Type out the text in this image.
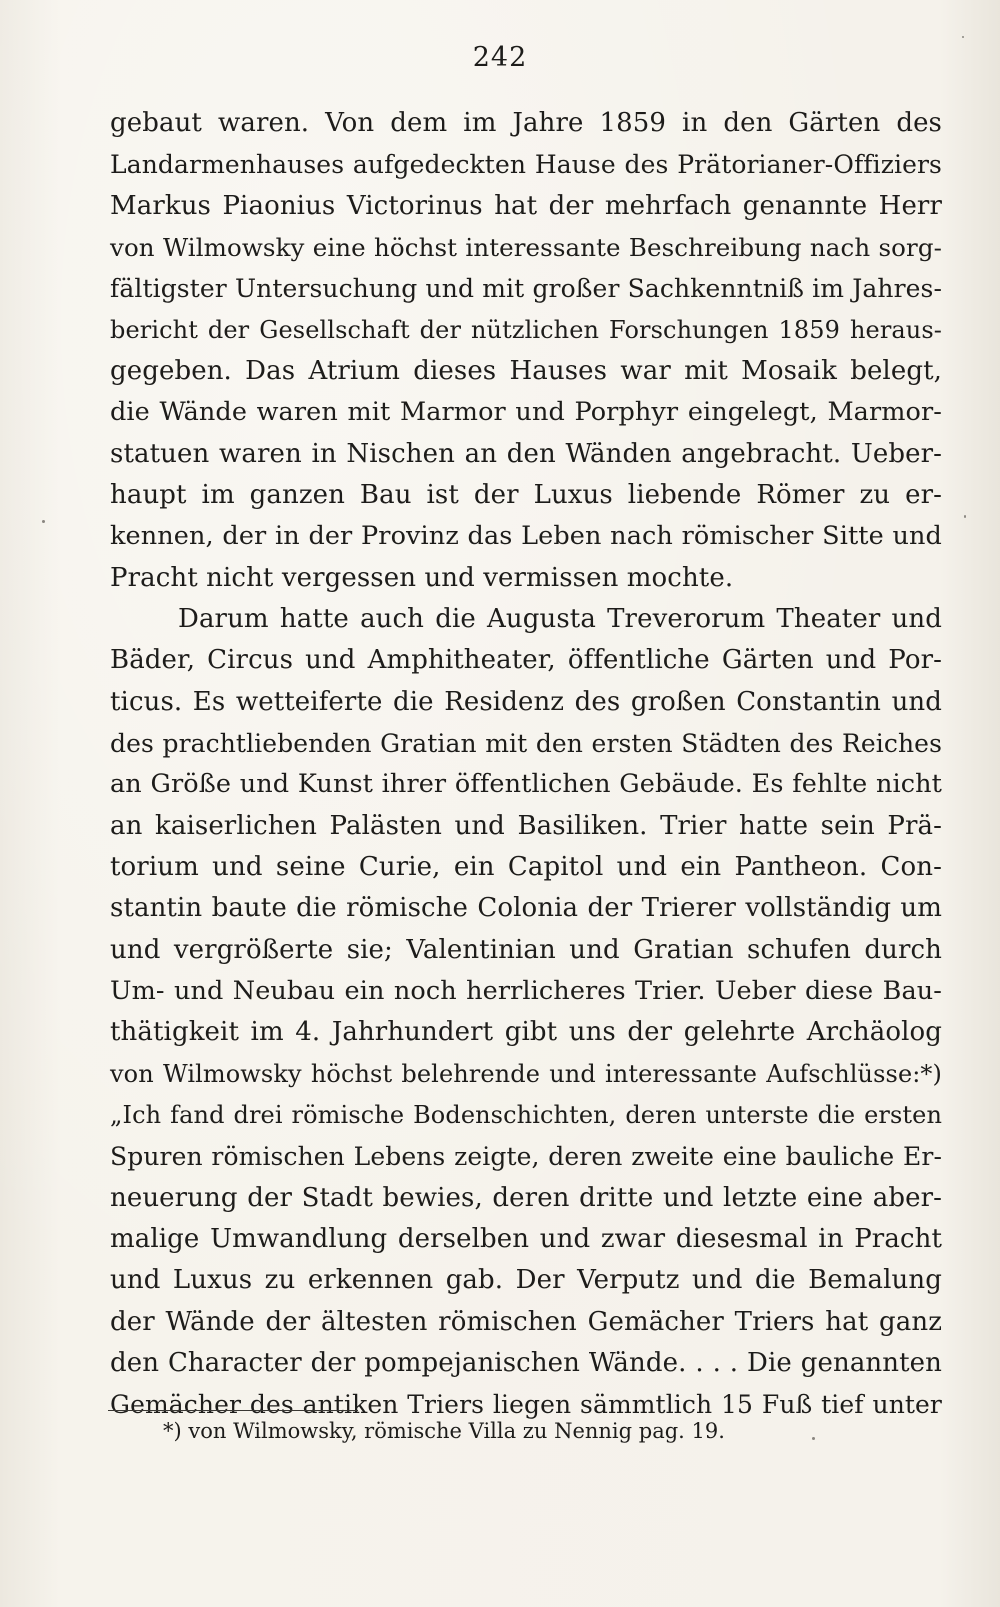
242
gebaut waren. Von dem im Jahre 1859 in den Gärten des
Landarmenhauses aufgedeckten Hause des Prätorianer-Offiziers
Markus Piaonius Victorinus hat der mehrfach genannte Herr
von Wilmowsky eine höchst interessante Beschreibung nach sorg-
fältigster Untersuchung und mit großer Sachkenntniß im Jahres-
bericht der Gesellschaft der nützlichen Forschungen 1859 heraus-
gegeben. Das Atrium dieses Hauses war mit Mosaik belegt,
die Wände waren mit Marmor und Porphyr eingelegt, Marmor-
statuen waren in Nischen an den Wänden angebracht. Ueber-
haupt im ganzen Bau ist der Luxus liebende Römer zu er-
kennen, der in der Provinz das Leben nach römischer Sitte und
Pracht nicht vergessen und vermissen mochte.
Darum hatte auch die Augusta Treverorum Theater und
Bäder, Circus und Amphitheater, öffentliche Gärten und Por-
ticus. Es wetteiferte die Residenz des großen Constantin und
des prachtliebenden Gratian mit den ersten Städten des Reiches
an Größe und Kunst ihrer öffentlichen Gebäude. Es fehlte nicht
an kaiserlichen Palästen und Basiliken. Trier hatte sein Prä-
torium und seine Curie, ein Capitol und ein Pantheon. Con-
stantin baute die römische Colonia der Trierer vollständig um
und vergrößerte sie; Valentinian und Gratian schufen durch
Um- und Neubau ein noch herrlicheres Trier. Ueber diese Bau-
thätigkeit im 4. Jahrhundert gibt uns der gelehrte Archäolog
von Wilmowsky höchst belehrende und interessante Aufschlüsse:*)
„Ich fand drei römische Bodenschichten, deren unterste die ersten
Spuren römischen Lebens zeigte, deren zweite eine bauliche Er-
neuerung der Stadt bewies, deren dritte und letzte eine aber-
malige Umwandlung derselben und zwar diesesmal in Pracht
und Luxus zu erkennen gab. Der Verputz und die Bemalung
der Wände der ältesten römischen Gemächer Triers hat ganz
den Character der pompejanischen Wände. . . . Die genannten
Gemächer des antiken Triers liegen sämmtlich 15 Fuß tief unter
*) von Wilmowsky, römische Villa zu Nennig pag. 19.
